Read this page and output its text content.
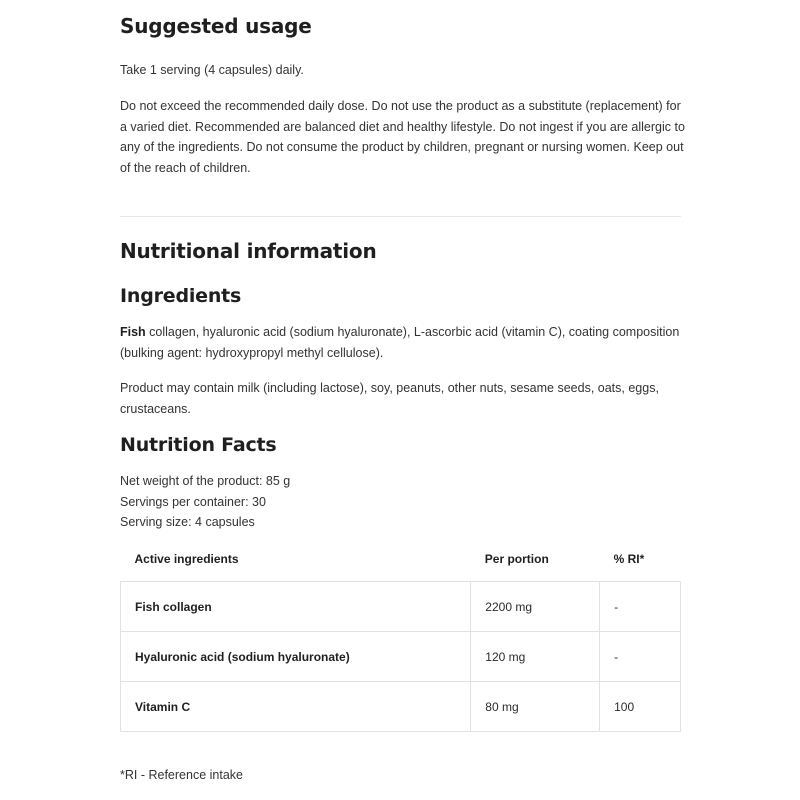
Suggested usage

Take 1 serving (4 capsules) daily.

Do not exceed the recommended daily dose. Do not use the product as a substitute (replacement) for a varied diet. Recommended are balanced diet and healthy lifestyle. Do not ingest if you are allergic to any of the ingredients. Do not consume the product by children, pregnant or nursing women. Keep out of the reach of children.

Nutritional information
Ingredients

Fish collagen, hyaluronic acid (sodium hyaluronate), L-ascorbic acid (vitamin C), coating composition (bulking agent: hydroxypropyl methyl cellulose).

Product may contain milk (including lactose), soy, peanuts, other nuts, sesame seeds, oats, eggs, crustaceans.

Nutrition Facts
Net weight of the product: 85 g
Servings per container: 30
Serving size: 4 capsules
Active ingredients	Per portion	% RI*
Fish collagen	2200 mg	-
Hyaluronic acid (sodium hyaluronate)	120 mg	-
Vitamin C	80 mg	100
*RI - Reference intake
